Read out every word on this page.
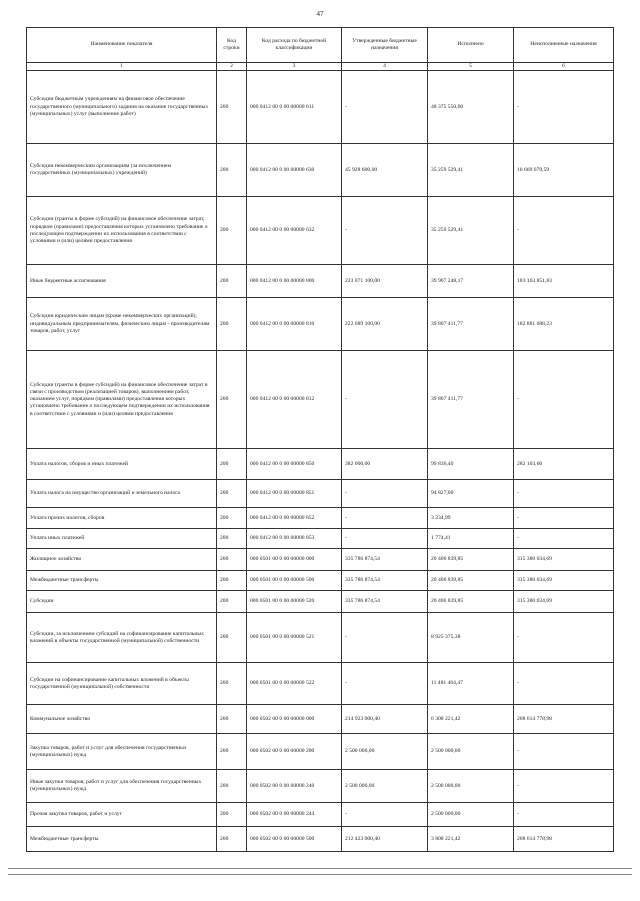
47
Наименование показателя	Код строки	Код расхода по бюджетной классификации	Утвержденные бюджетные назначения	Исполнено	Неисполненные назначения
1	2	3	4	5	6
Субсидии бюджетным учреждениям на финансовое обеспечение государственного (муниципального) задания на оказание государственных (муниципальных) услуг (выполнение работ)	200	000 0412 00 0 00 00000 611	-	48 375 550,00	-
Субсидии некоммерческим организациям (за исключением государственных (муниципальных) учреждений)	200	000 0412 00 0 00 00000 630	45 928 600,00	35 259 529,41	10 669 070,59
Субсидии (гранты в форме субсидий) на финансовое обеспечение затрат, порядком (правилами) предоставления которых установлено требование о последующем подтверждении их использования в соответствии с условиями и (или) целями предоставления	200	000 0412 00 0 00 00000 632	-	35 259 529,41	-
Иные бюджетные ассигнования	200	000 0412 00 0 00 00000 800	223 071 100,00	39 907 248,17	183 163 851,83
Субсидии юридическим лицам (кроме некоммерческих организаций), индивидуальным предпринимателям, физическим лицам - производителям товаров, работ, услуг	200	000 0412 00 0 00 00000 810	222 689 100,00	39 807 411,77	182 881 688,23
Субсидии (гранты в форме субсидий) на финансовое обеспечение затрат в связи с производством (реализацией товаров), выполнением работ, оказанием услуг, порядком (правилами) предоставления которых установлено требование о последующем подтверждении их использования в соответствии с условиями и (или) целями предоставления	200	000 0412 00 0 00 00000 812	-	39 807 411,77	-
Уплата налогов, сборов и иных платежей	200	000 0412 00 0 00 00000 850	382 000,00	99 836,40	282 163,60
Уплата налога на имущество организаций и земельного налога	200	000 0412 00 0 00 00000 851	-	94 827,00	-
Уплата прочих налогов, сборов	200	000 0412 00 0 00 00000 852	-	3 234,99	-
Уплата иных платежей	200	000 0412 00 0 00 00000 853	-	1 774,41	-
Жилищное хозяйство	200	000 0501 00 0 00 00000 000	335 786 874,54	20 406 839,85	315 380 034,69
Межбюджетные трансферты	200	000 0501 00 0 00 00000 500	335 786 874,54	20 406 839,85	315 380 034,69
Субсидии	200	000 0501 00 0 00 00000 520	335 786 874,54	20 406 839,85	315 380 034,69
Субсидии, за исключением субсидий на софинансирование капитальных вложений в объекты государственной (муниципальной) собственности	200	000 0501 00 0 00 00000 521	-	8 925 375,38	-
Субсидии на софинансирование капитальных вложений в объекты государственной (муниципальной) собственности	200	000 0501 00 0 00 00000 522	-	11 481 464,47	-
Коммунальное хозяйство	200	000 0502 00 0 00 00000 000	214 923 000,40	6 308 221,42	208 614 778,98
Закупка товаров, работ и услуг для обеспечения государственных (муниципальных) нужд	200	000 0502 00 0 00 00000 200	2 500 000,00	2 500 000,00	-
Иные закупки товаров, работ и услуг для обеспечения государственных (муниципальных) нужд	200	000 0502 00 0 00 00000 240	2 500 000,00	2 500 000,00	-
Прочая закупка товаров, работ и услуг	200	000 0502 00 0 00 00000 244	-	2 500 000,00	-
Межбюджетные трансферты	200	000 0502 00 0 00 00000 500	212 423 000,40	3 808 221,42	208 614 778,98
